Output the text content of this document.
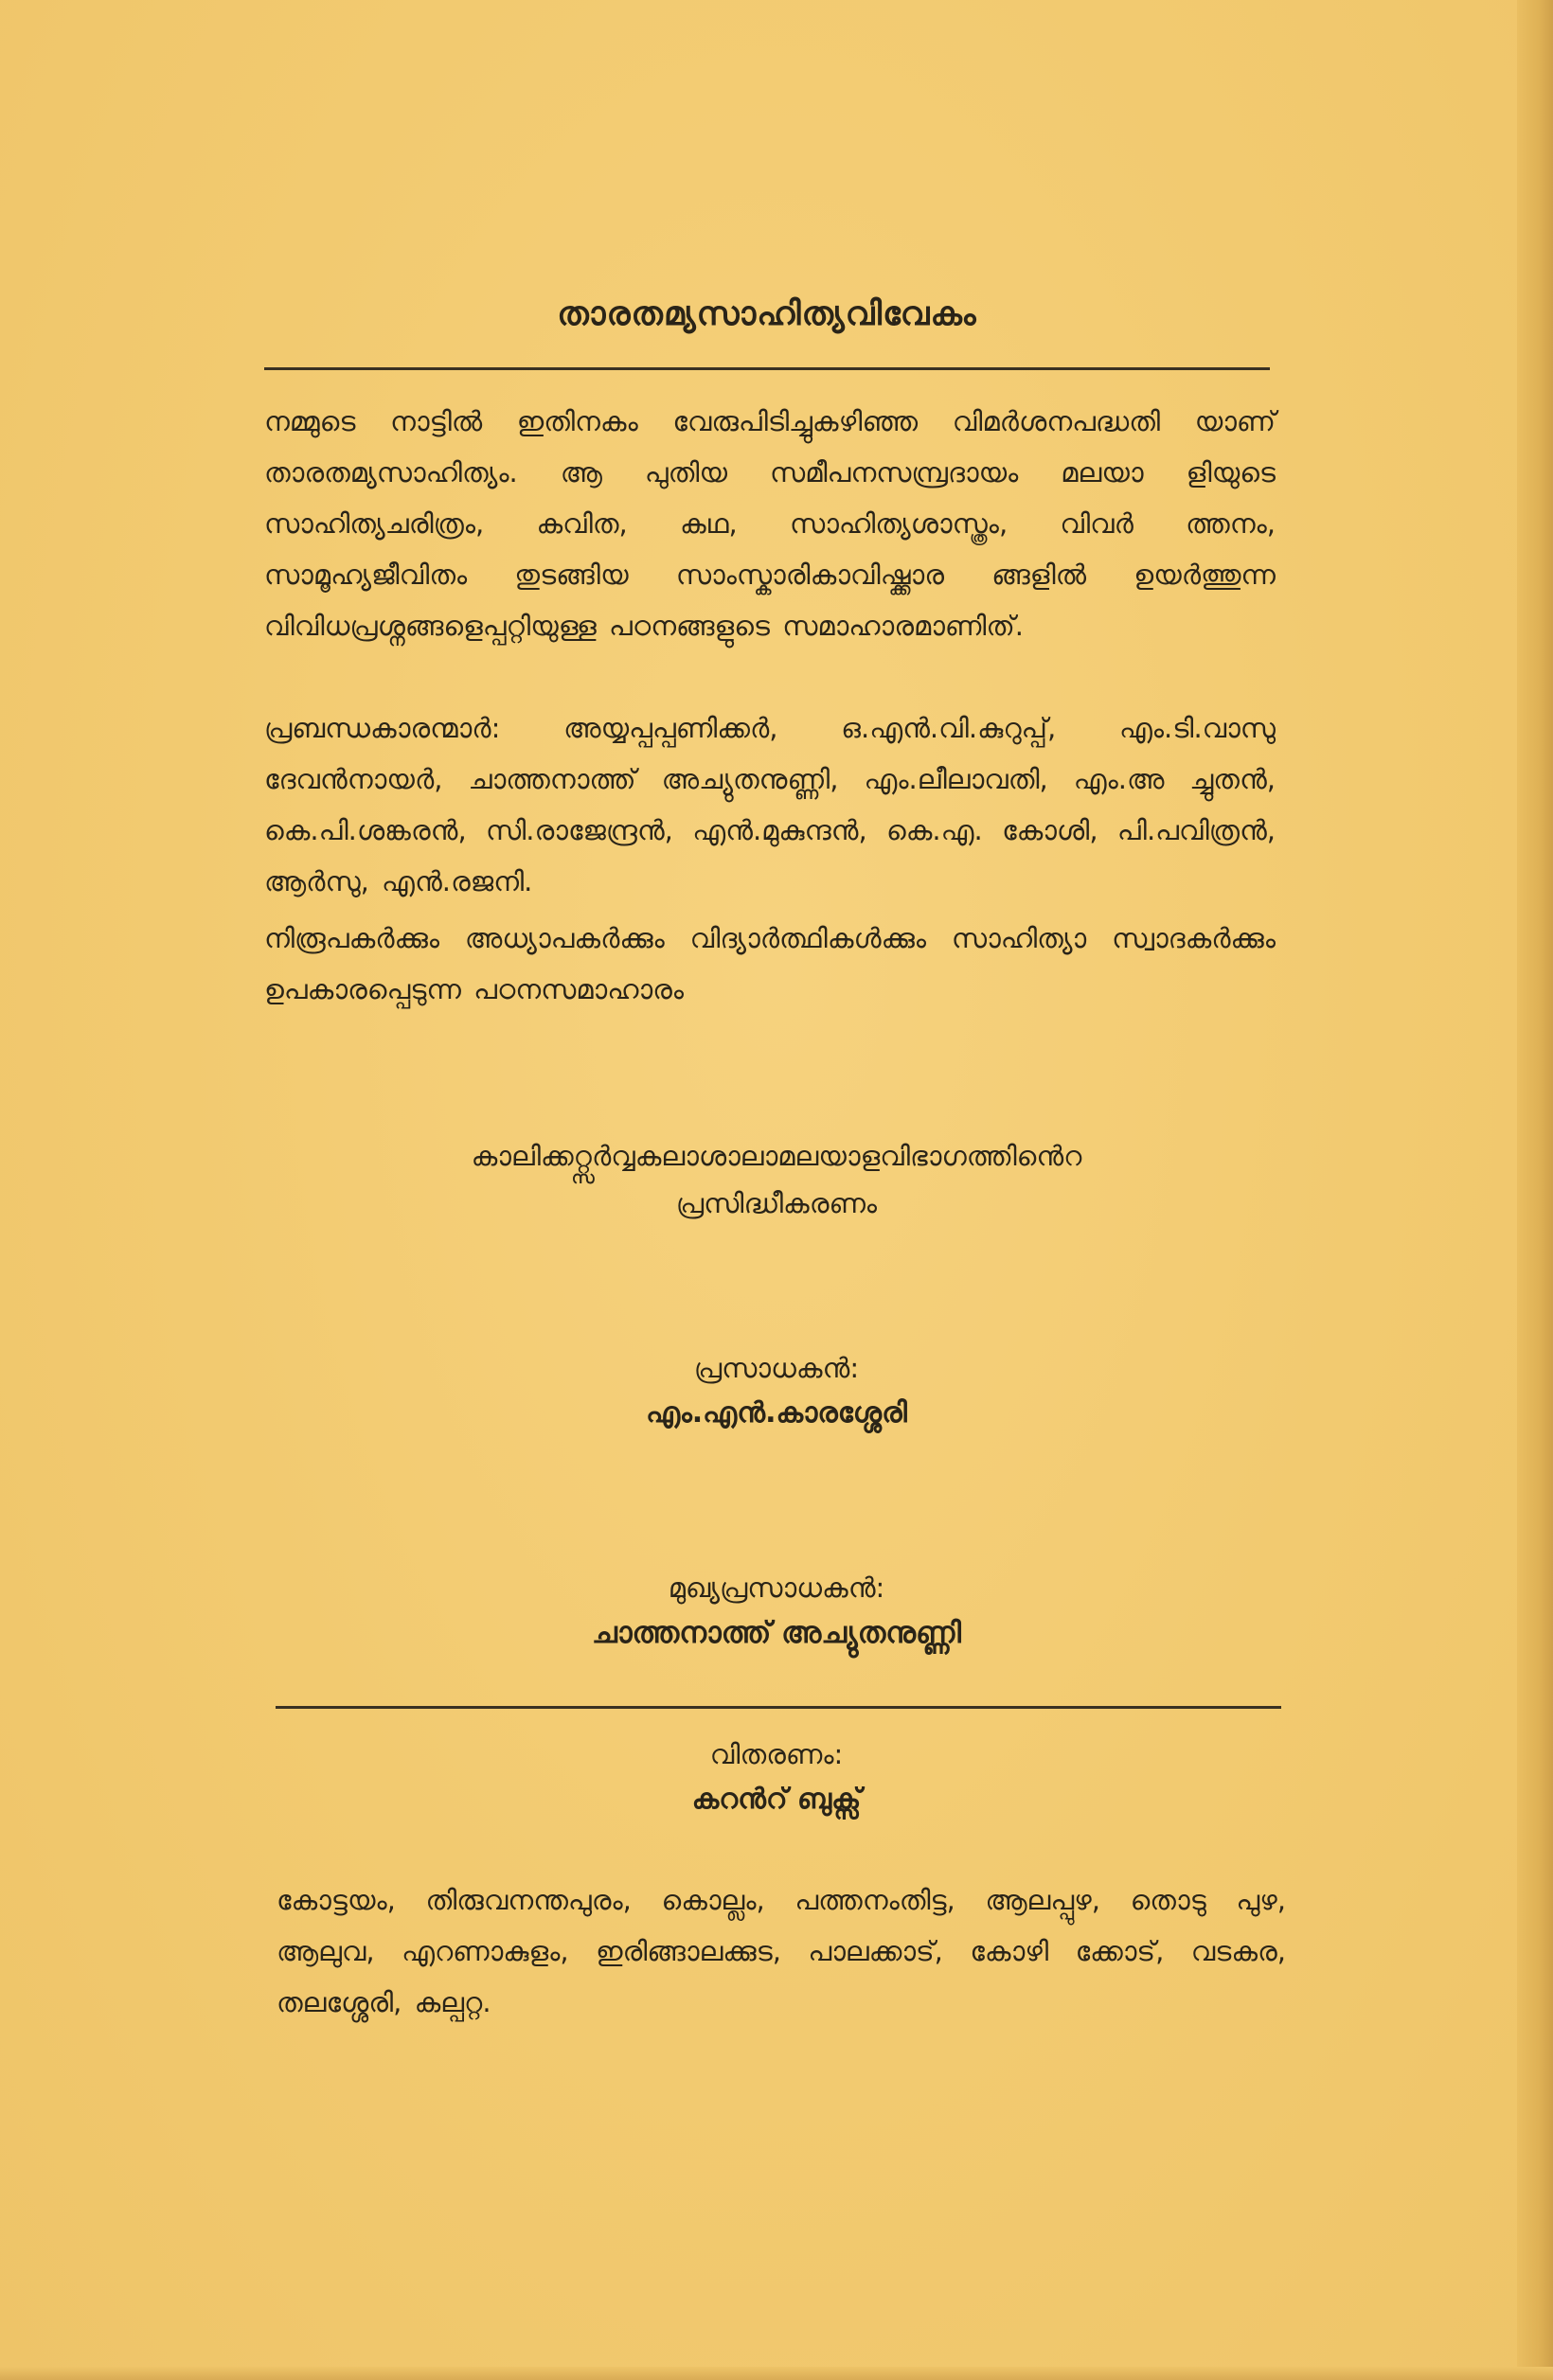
താരതമ്യസാഹിത്യവിവേകം

നമ്മുടെ നാട്ടിൽ ഇതിനകം വേരുപിടിച്ചുകഴിഞ്ഞ വിമർശനപദ്ധതി യാണ് താരതമ്യസാഹിത്യം. ആ പുതിയ സമീപനസമ്പ്രദായം മലയാ ളിയുടെ സാഹിത്യചരിത്രം, കവിത, കഥ, സാഹിത്യശാസ്ത്രം, വിവർ ത്തനം, സാമൂഹ്യജീവിതം തുടങ്ങിയ സാംസ്കാരികാവിഷ്ക്കാര ങ്ങളിൽ ഉയർത്തുന്ന വിവിധപ്രശ്നങ്ങളെപ്പറ്റിയുള്ള പഠനങ്ങളുടെ സമാഹാരമാണിത്.

പ്രബന്ധകാരന്മാർ: അയ്യപ്പപ്പണിക്കർ, ഒ.എൻ.വി.കുറുപ്പ്, എം.ടി.വാസു ദേവൻനായർ, ചാത്തനാത്ത് അച്യുതനുണ്ണി, എം.ലീലാവതി, എം.അ ച്ചുതൻ, കെ.പി.ശങ്കരൻ, സി.രാജേന്ദ്രൻ, എൻ.മുകുന്ദൻ, കെ.എ. കോശി, പി.പവിത്രൻ, ആർസു, എൻ.രജനി.

നിരൂപകർക്കും അധ്യാപകർക്കും വിദ്യാർത്ഥികൾക്കും സാഹിത്യാ സ്വാദകർക്കും ഉപകാരപ്പെടുന്ന പഠനസമാഹാരം

കാലിക്കറ്റ്സർവ്വകലാശാലാമലയാളവിഭാഗത്തിൻെറ
പ്രസിദ്ധീകരണം
പ്രസാധകൻ:
എം.എൻ.കാരശ്ശേരി
മുഖ്യപ്രസാധകൻ:
ചാത്തനാത്ത് അച്യുതനുണ്ണി
വിതരണം:
കറൻറ് ബുക്സ്

കോട്ടയം, തിരുവനന്തപുരം, കൊല്ലം, പത്തനംതിട്ട, ആലപ്പുഴ, തൊടു പുഴ, ആലുവ, എറണാകുളം, ഇരിങ്ങാലക്കുട, പാലക്കാട്, കോഴി ക്കോട്, വടകര, തലശ്ശേരി, കല്പറ്റ.
